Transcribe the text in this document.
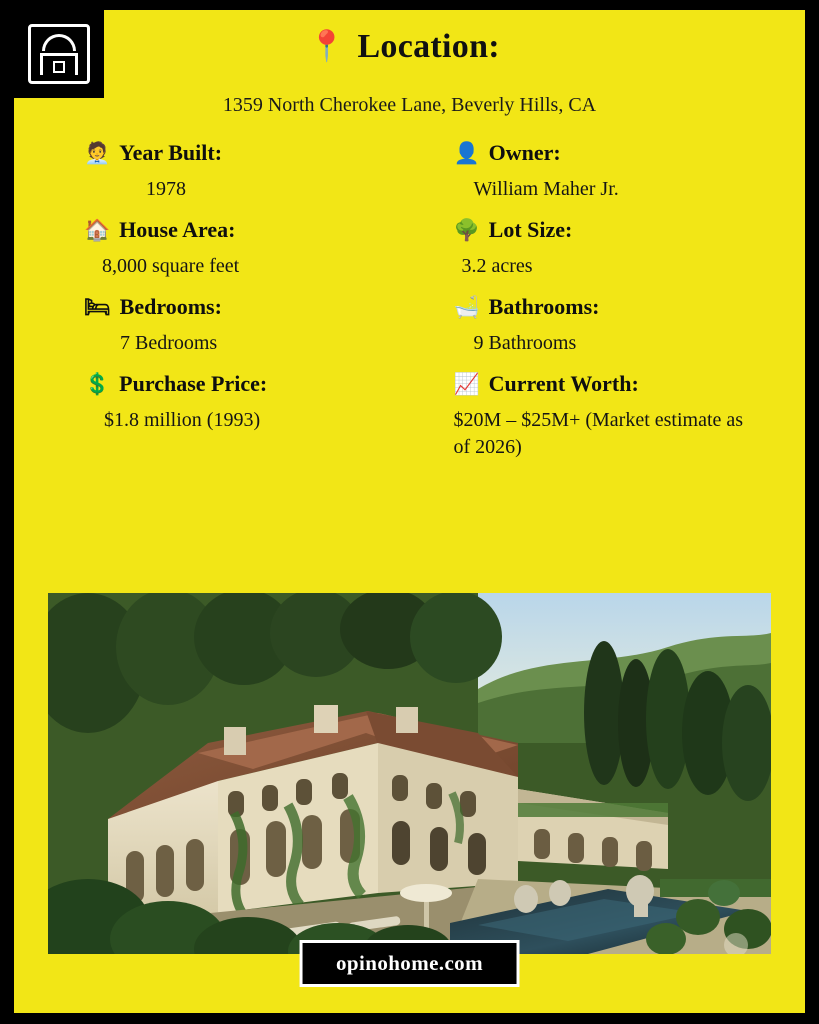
📍 Location:
1359 North Cherokee Lane, Beverly Hills, CA
🧑‍💼 Year Built:
1978
👤 Owner:
William Maher Jr.
🏠 House Area:
8,000 square feet
🌳 Lot Size:
3.2 acres
🛏 Bedrooms:
7 Bedrooms
🛁 Bathrooms:
9 Bathrooms
💲 Purchase Price:
$1.8 million (1993)
📈 Current Worth:
$20M – $25M+ (Market estimate as of 2026)
opinohome.com
